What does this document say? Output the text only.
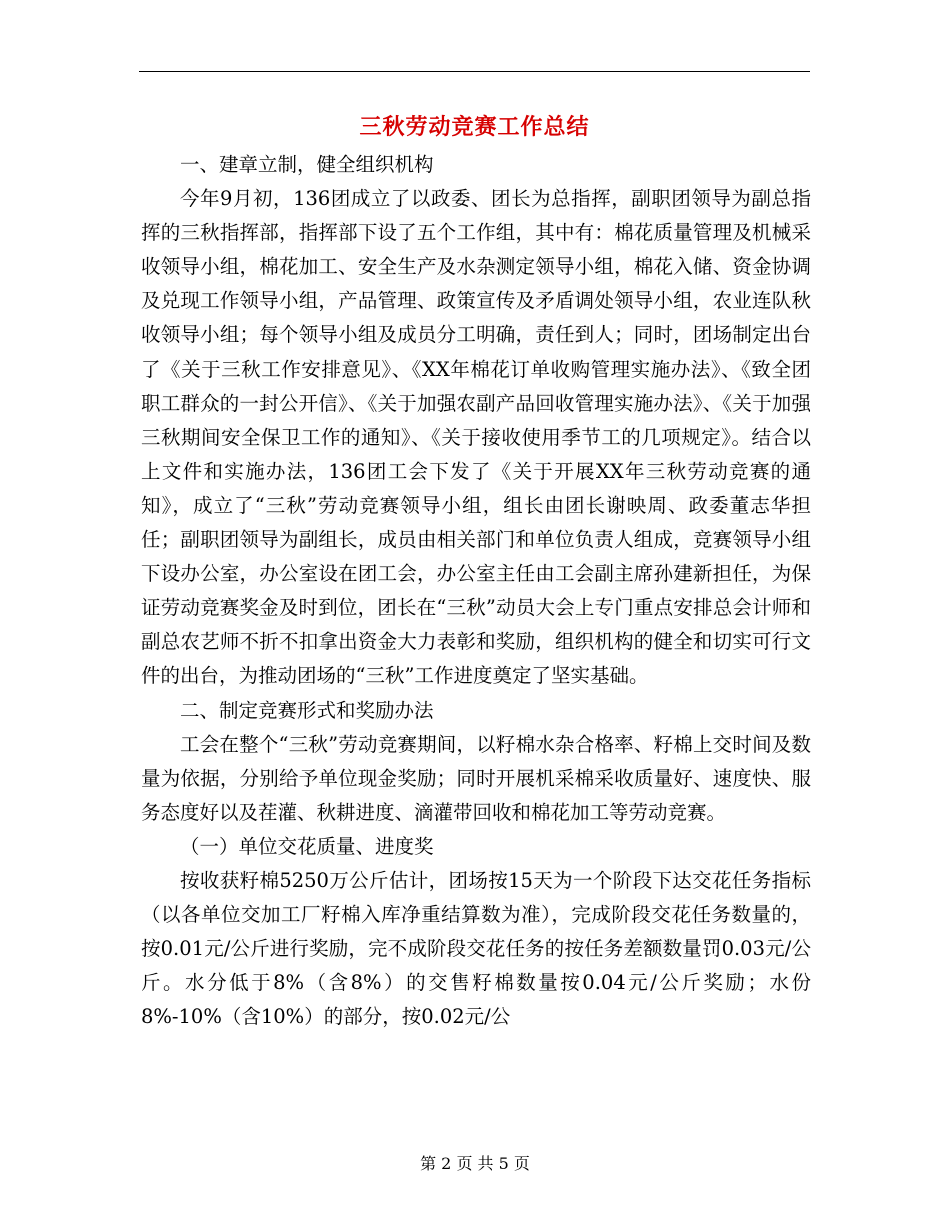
三秋劳动竞赛工作总结

一、建章立制，健全组织机构

今年9月初，136团成立了以政委、团长为总指挥，副职团领导为副总指挥的三秋指挥部，指挥部下设了五个工作组，其中有：棉花质量管理及机械采收领导小组，棉花加工、安全生产及水杂测定领导小组，棉花入储、资金协调及兑现工作领导小组，产品管理、政策宣传及矛盾调处领导小组，农业连队秋收领导小组；每个领导小组及成员分工明确，责任到人；同时，团场制定出台了《关于三秋工作安排意见》、《XX年棉花订单收购管理实施办法》、《致全团职工群众的一封公开信》、《关于加强农副产品回收管理实施办法》、《关于加强三秋期间安全保卫工作的通知》、《关于接收使用季节工的几项规定》。结合以上文件和实施办法，136团工会下发了《关于开展XX年三秋劳动竞赛的通知》，成立了“三秋”劳动竞赛领导小组，组长由团长谢映周、政委董志华担任；副职团领导为副组长，成员由相关部门和单位负责人组成，竞赛领导小组下设办公室，办公室设在团工会，办公室主任由工会副主席孙建新担任，为保证劳动竞赛奖金及时到位，团长在“三秋”动员大会上专门重点安排总会计师和副总农艺师不折不扣拿出资金大力表彰和奖励，组织机构的健全和切实可行文件的出台，为推动团场的“三秋”工作进度奠定了坚实基础。

二、制定竞赛形式和奖励办法

工会在整个“三秋”劳动竞赛期间，以籽棉水杂合格率、籽棉上交时间及数量为依据，分别给予单位现金奖励；同时开展机采棉采收质量好、速度快、服务态度好以及茬灌、秋耕进度、滴灌带回收和棉花加工等劳动竞赛。

（一）单位交花质量、进度奖

按收获籽棉5250万公斤估计，团场按15天为一个阶段下达交花任务指标（以各单位交加工厂籽棉入库净重结算数为准），完成阶段交花任务数量的，按0.01元/公斤进行奖励，完不成阶段交花任务的按任务差额数量罚0.03元/公斤。水分低于8%（含8%）的交售籽棉数量按0.04元/公斤奖励；水份8%-10%（含10%）的部分，按0.02元/公

第 2 页 共 5 页
